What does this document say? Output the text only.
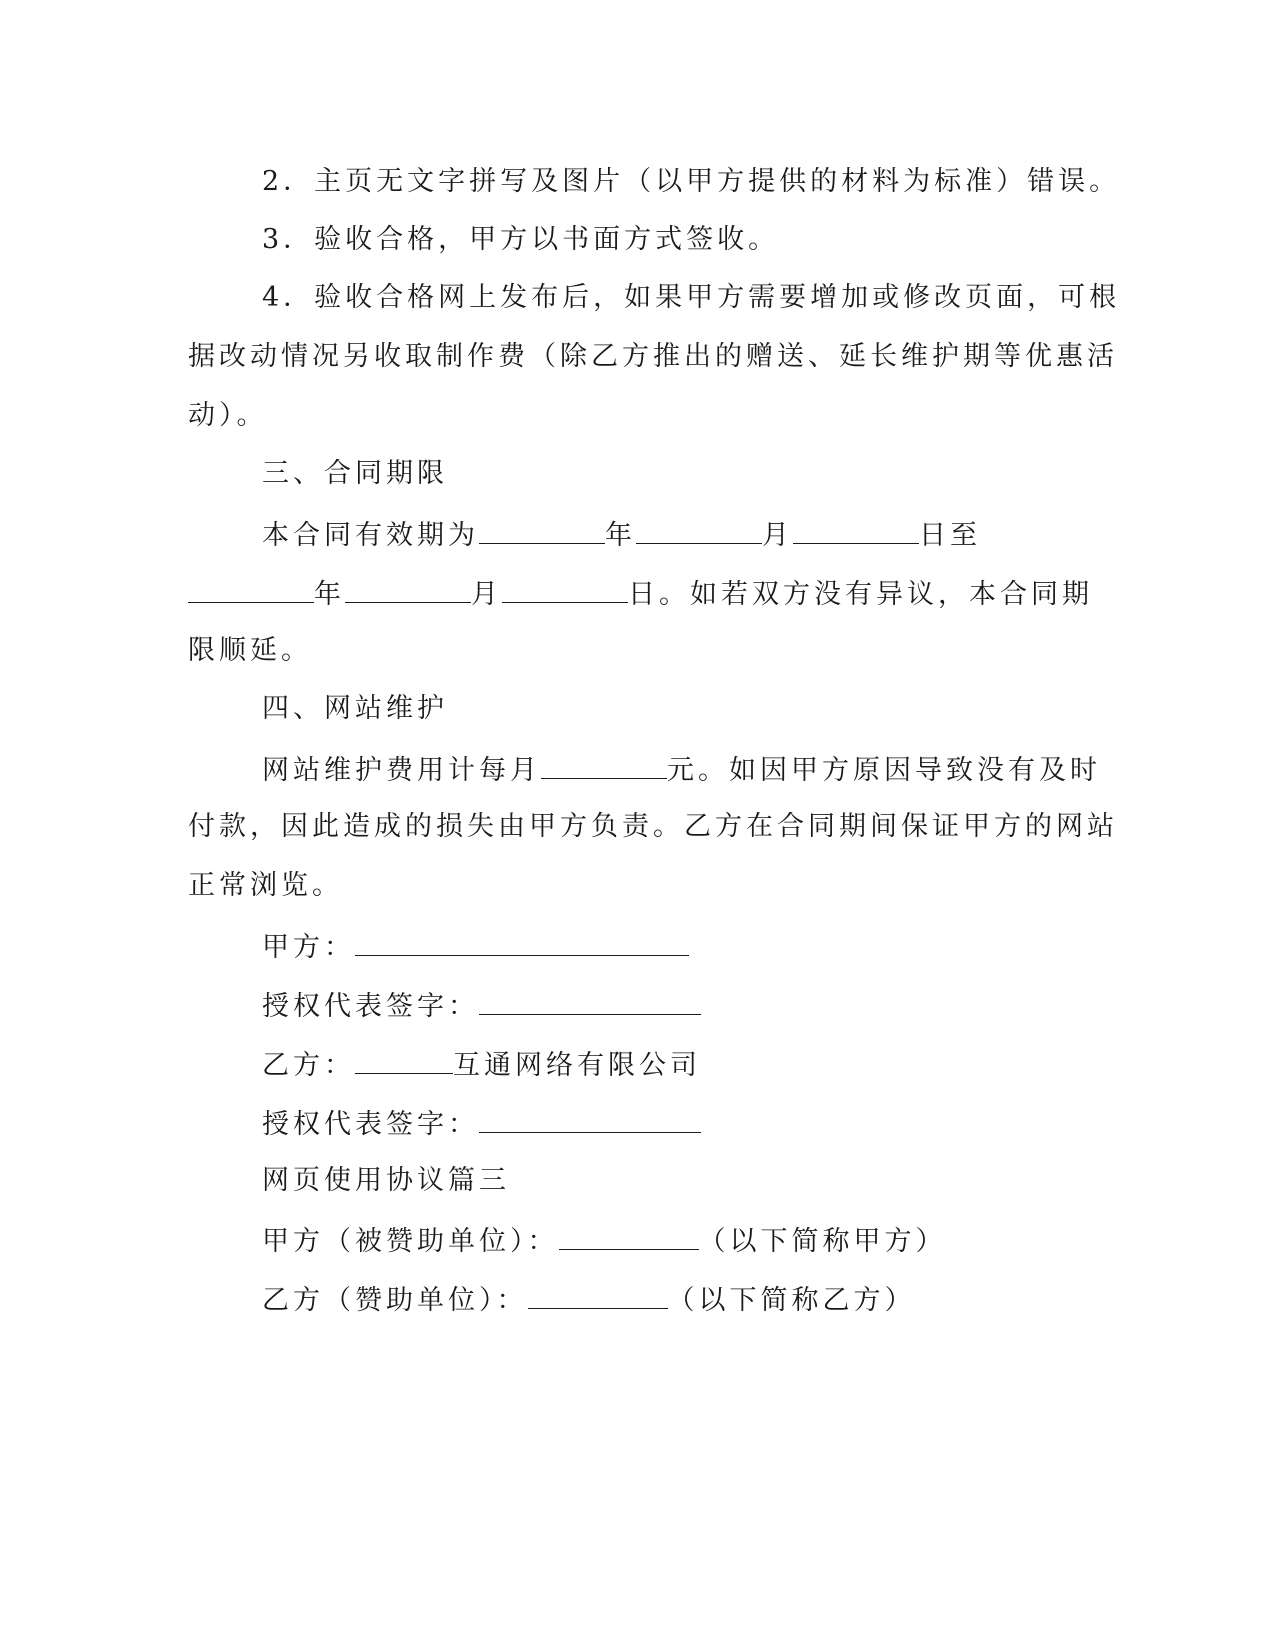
2．主页无文字拼写及图片（以甲方提供的材料为标准）错误。
3．验收合格，甲方以书面方式签收。
4．验收合格网上发布后，如果甲方需要增加或修改页面，可根
据改动情况另收取制作费（除乙方推出的赠送、延长维护期等优惠活
动）。
三、合同期限
本合同有效期为	年	月	日至
年	月	日。如若双方没有异议，本合同期
限顺延。
四、网站维护
网站维护费用计每月	元。如因甲方原因导致没有及时
付款，因此造成的损失由甲方负责。乙方在合同期间保证甲方的网站
正常浏览。
甲方：
授权代表签字：
乙方：	互通网络有限公司
授权代表签字：
网页使用协议篇三
甲方（被赞助单位）：	（以下简称甲方）
乙方（赞助单位）：	（以下简称乙方）
